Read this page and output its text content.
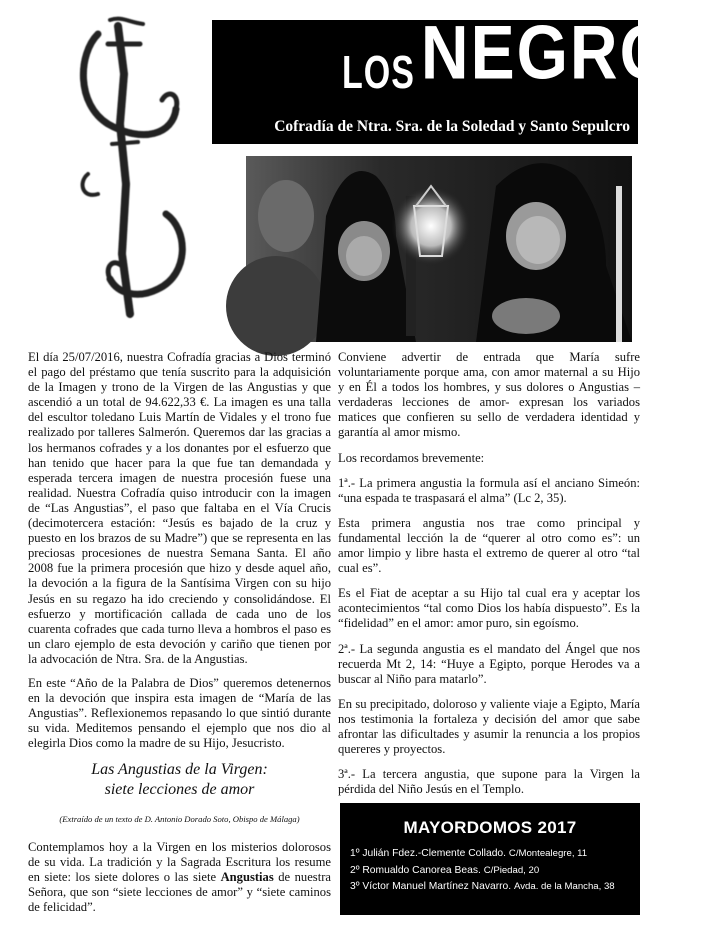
LOSNEGROS
Cofradía de Ntra. Sra. de la Soledad y Santo Sepulcro

El día 25/07/2016, nuestra Cofradía gracias a Dios terminó el pago del préstamo que tenía suscrito para la adquisición de la Imagen y trono de la Virgen de las Angustias y que ascendió a un total de 94.622,33 €. La imagen es una talla del escultor toledano Luis Martín de Vidales y el trono fue realizado por talleres Salmerón. Queremos dar las gracias a los hermanos cofrades y a los donantes por el esfuerzo que han tenido que hacer para la que fue tan demandada y esperada tercera imagen de nuestra procesión fuese una realidad. Nuestra Cofradía quiso introducir con la imagen de “Las Angustias”, el paso que faltaba en el Vía Crucis (decimotercera estación: “Jesús es bajado de la cruz y puesto en los brazos de su Madre”) que se representa en las preciosas procesiones de nuestra Semana Santa. El año 2008 fue la primera procesión que hizo y desde aquel año, la devoción a la figura de la Santísima Virgen con su hijo Jesús en su regazo ha ido creciendo y consolidándose. El esfuerzo y mortificación callada de cada uno de los cuarenta cofrades que cada turno lleva a hombros el paso es un claro ejemplo de esta devoción y cariño que tienen por la advocación de Ntra. Sra. de la Angustias.

En este “Año de la Palabra de Dios” queremos detenernos en la devoción que inspira esta imagen de “María de las Angustias”. Reflexionemos repasando lo que sintió durante su vida. Meditemos pensando el ejemplo que nos dio al elegirla Dios como la madre de su Hijo, Jesucristo.

Las Angustias de la Virgen:
siete lecciones de amor
(Extraído de un texto de D. Antonio Dorado Soto, Obispo de Málaga)

Contemplamos hoy a la Virgen en los misterios dolorosos de su vida. La tradición y la Sagrada Escritura los resume en siete: los siete dolores o las siete Angustias de nuestra Señora, que son “siete lecciones de amor” y “siete caminos de felicidad”.

Conviene advertir de entrada que María sufre voluntariamente porque ama, con amor maternal a su Hijo y en Él a todos los hombres, y sus dolores o Angustias –verdaderas lecciones de amor- expresan los variados matices que confieren su sello de verdadera identidad y garantía al amor mismo.

Los recordamos brevemente:

1ª.- La primera angustia la formula así el anciano Simeón: “una espada te traspasará el alma” (Lc 2, 35).

Esta primera angustia nos trae como principal y fundamental lección la de “querer al otro como es”: un amor limpio y libre hasta el extremo de querer al otro “tal cual es”.

Es el Fiat de aceptar a su Hijo tal cual era y aceptar los acontecimientos “tal como Dios los había dispuesto”. Es la “fidelidad” en el amor: amor puro, sin egoísmo.

2ª.- La segunda angustia es el mandato del Ángel que nos recuerda Mt 2, 14: “Huye a Egipto, porque Herodes va a buscar al Niño para matarlo”.

En su precipitado, doloroso y valiente viaje a Egipto, María nos testimonia la fortaleza y decisión del amor que sabe afrontar las dificultades y asumir la renuncia a los propios quereres y proyectos.

3ª.- La tercera angustia, que supone para la Virgen la pérdida del Niño Jesús en el Templo.

MAYORDOMOS 2017
1º Julián Fdez.-Clemente Collado. C/Montealegre, 11
2º Romualdo Canorea Beas. C/Piedad, 20
3º Víctor Manuel Martínez Navarro. Avda. de la Mancha, 38
